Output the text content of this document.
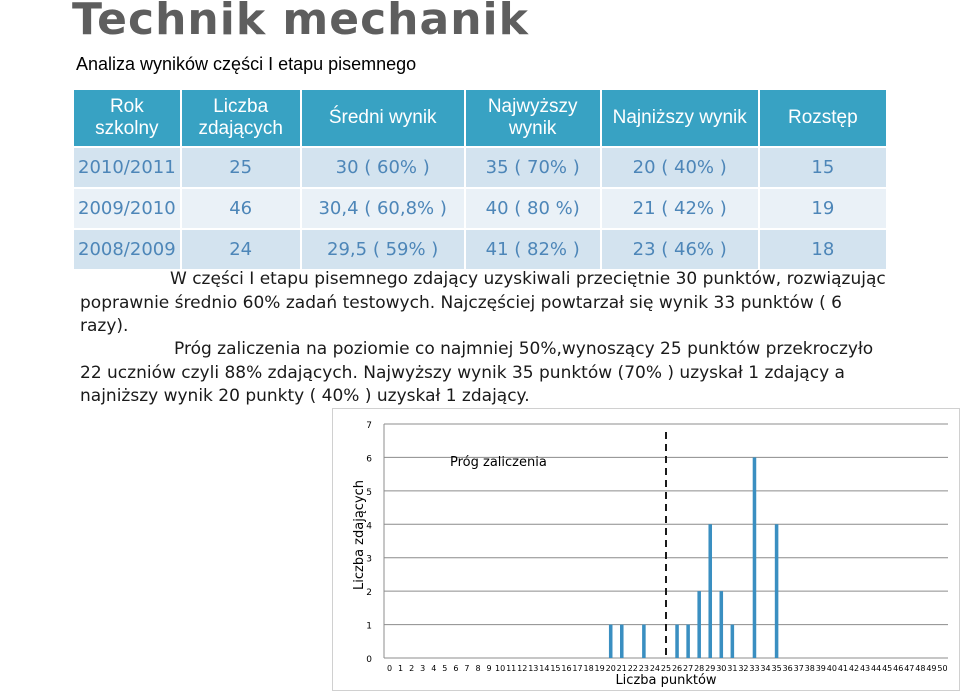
Technik mechanik
Analiza wyników części I etapu pisemnego
Rok szkolny	Liczba zdających	Średni wynik	Najwyższy wynik	Najniższy wynik	Rozstęp
2010/2011	25	30 ( 60% )	35 ( 70% )	20 ( 40% )	15
2009/2010	46	30,4 ( 60,8% )	40 ( 80 %)	21 ( 42% )	19
2008/2009	24	29,5 ( 59% )	41 ( 82% )	23 ( 46% )	18

W części I etapu pisemnego zdający uzyskiwali przeciętnie 30 punktów, rozwiązując poprawnie średnio 60% zadań testowych. Najczęściej powtarzał się wynik 33 punktów ( 6 razy).

Próg zaliczenia na poziomie co najmniej 50%,wynoszący 25 punktów przekroczyło 22 uczniów czyli 88% zdających. Najwyższy wynik 35 punktów (70% ) uzyskał 1 zdający a najniższy wynik 20 punkty ( 40% ) uzyskał 1 zdający.

0
1
2
3
4
5
6
7
0 1 2 3 4 5 6 7 8 9 10 11 12 13 14 15 16 17 18 19 20 21 22 23 24 25 26 27 28 29 30 31 32 33 34 35 36 37 38 39 40 41 42 43 44 45 46 47 48 49 50
Próg zaliczenia
Liczba punktów
Liczba zdających
